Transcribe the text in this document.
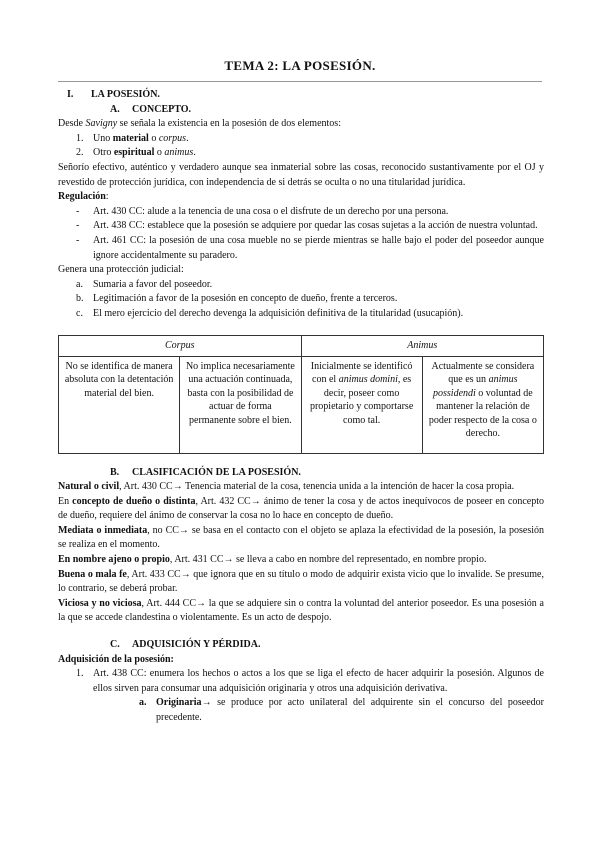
TEMA 2: LA POSESIÓN.

I. LA POSESIÓN.

A. CONCEPTO.

Desde Savigny se señala la existencia en la posesión de dos elementos:

1. Uno material o corpus.

2. Otro espiritual o animus.

Señorío efectivo, auténtico y verdadero aunque sea inmaterial sobre las cosas, reconocido sustantivamente por el OJ y revestido de protección jurídica, con independencia de si detrás se oculta o no una titularidad jurídica.

Regulación:

- Art. 430 CC: alude a la tenencia de una cosa o el disfrute de un derecho por una persona.

- Art. 438 CC: establece que la posesión se adquiere por quedar las cosas sujetas a la acción de nuestra voluntad.

- Art. 461 CC: la posesión de una cosa mueble no se pierde mientras se halle bajo el poder del poseedor aunque ignore accidentalmente su paradero.

Genera una protección judicial:

a. Sumaria a favor del poseedor.

b. Legitimación a favor de la posesión en concepto de dueño, frente a terceros.

c. El mero ejercicio del derecho devenga la adquisición definitiva de la titularidad (usucapión).

Corpus		Animus	
No se identifica de manera absoluta con la detentación material del bien.	No implica necesariamente una actuación continuada, basta con la posibilidad de actuar de forma permanente sobre el bien.	Inicialmente se identificó con el animus domini, es decir, poseer como propietario y comportarse como tal.	Actualmente se considera que es un animus possidendi o voluntad de mantener la relación de poder respecto de la cosa o derecho.

B. CLASIFICACIÓN DE LA POSESIÓN.

Natural o civil, Art. 430 CC→ Tenencia material de la cosa, tenencia unida a la intención de hacer la cosa propia.

En concepto de dueño o distinta, Art. 432 CC→ ánimo de tener la cosa y de actos inequívocos de poseer en concepto de dueño, requiere del ánimo de conservar la cosa no lo hace en concepto de dueño.

Mediata o inmediata, no CC→ se basa en el contacto con el objeto se aplaza la efectividad de la posesión, la posesión se realiza en el momento.

En nombre ajeno o propio, Art. 431 CC→ se lleva a cabo en nombre del representado, en nombre propio.

Buena o mala fe, Art. 433 CC→ que ignora que en su título o modo de adquirir exista vicio que lo invalide. Se presume, lo contrario, se deberá probar.

Viciosa y no viciosa, Art. 444 CC→ la que se adquiere sin o contra la voluntad del anterior poseedor. Es una posesión a la que se accede clandestina o violentamente. Es un acto de despojo.

C. ADQUISICIÓN Y PÉRDIDA.

Adquisición de la posesión:

1. Art. 438 CC: enumera los hechos o actos a los que se liga el efecto de hacer adquirir la posesión. Algunos de ellos sirven para consumar una adquisición originaria y otros una adquisición derivativa.

a. Originaria→ se produce por acto unilateral del adquirente sin el concurso del poseedor precedente.
